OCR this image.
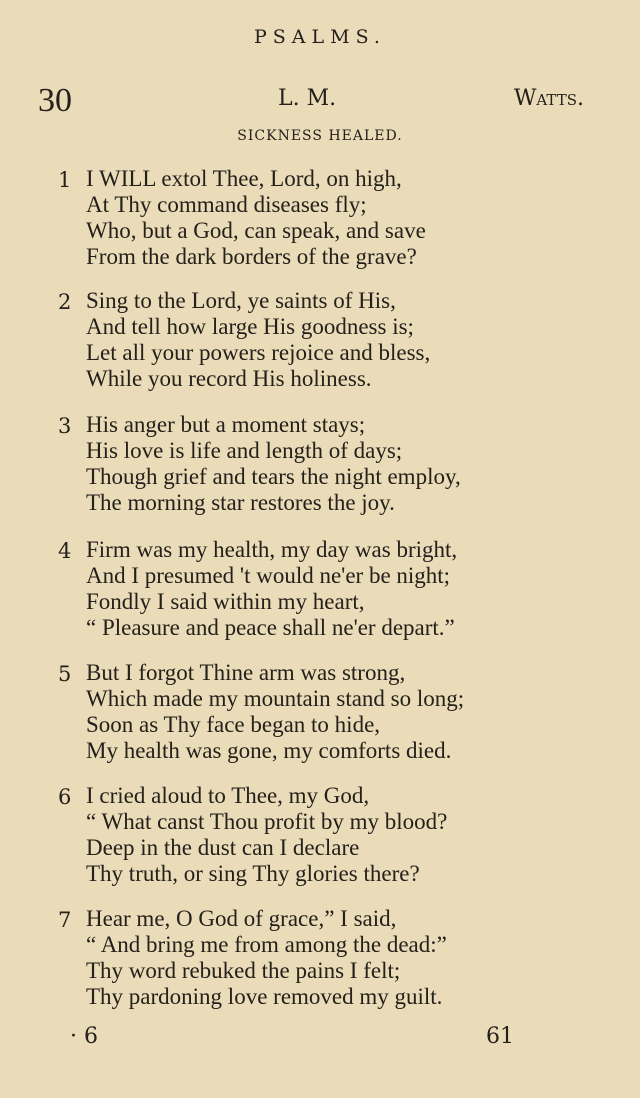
PSALMS.
30	L. M.	Watts.
SICKNESS HEALED.
1 I WILL extol Thee, Lord, on high,
At Thy command diseases fly;
Who, but a God, can speak, and save
From the dark borders of the grave?
2 Sing to the Lord, ye saints of His,
And tell how large His goodness is;
Let all your powers rejoice and bless,
While you record His holiness.
3 His anger but a moment stays;
His love is life and length of days;
Though grief and tears the night employ,
The morning star restores the joy.
4 Firm was my health, my day was bright,
And I presumed 't would ne'er be night;
Fondly I said within my heart,
“ Pleasure and peace shall ne'er depart.”
5 But I forgot Thine arm was strong,
Which made my mountain stand so long;
Soon as Thy face began to hide,
My health was gone, my comforts died.
6 I cried aloud to Thee, my God,
“ What canst Thou profit by my blood?
Deep in the dust can I declare
Thy truth, or sing Thy glories there?
7 Hear me, O God of grace,” I said,
“ And bring me from among the dead:”
Thy word rebuked the pains I felt;
Thy pardoning love removed my guilt.
· 6	61
